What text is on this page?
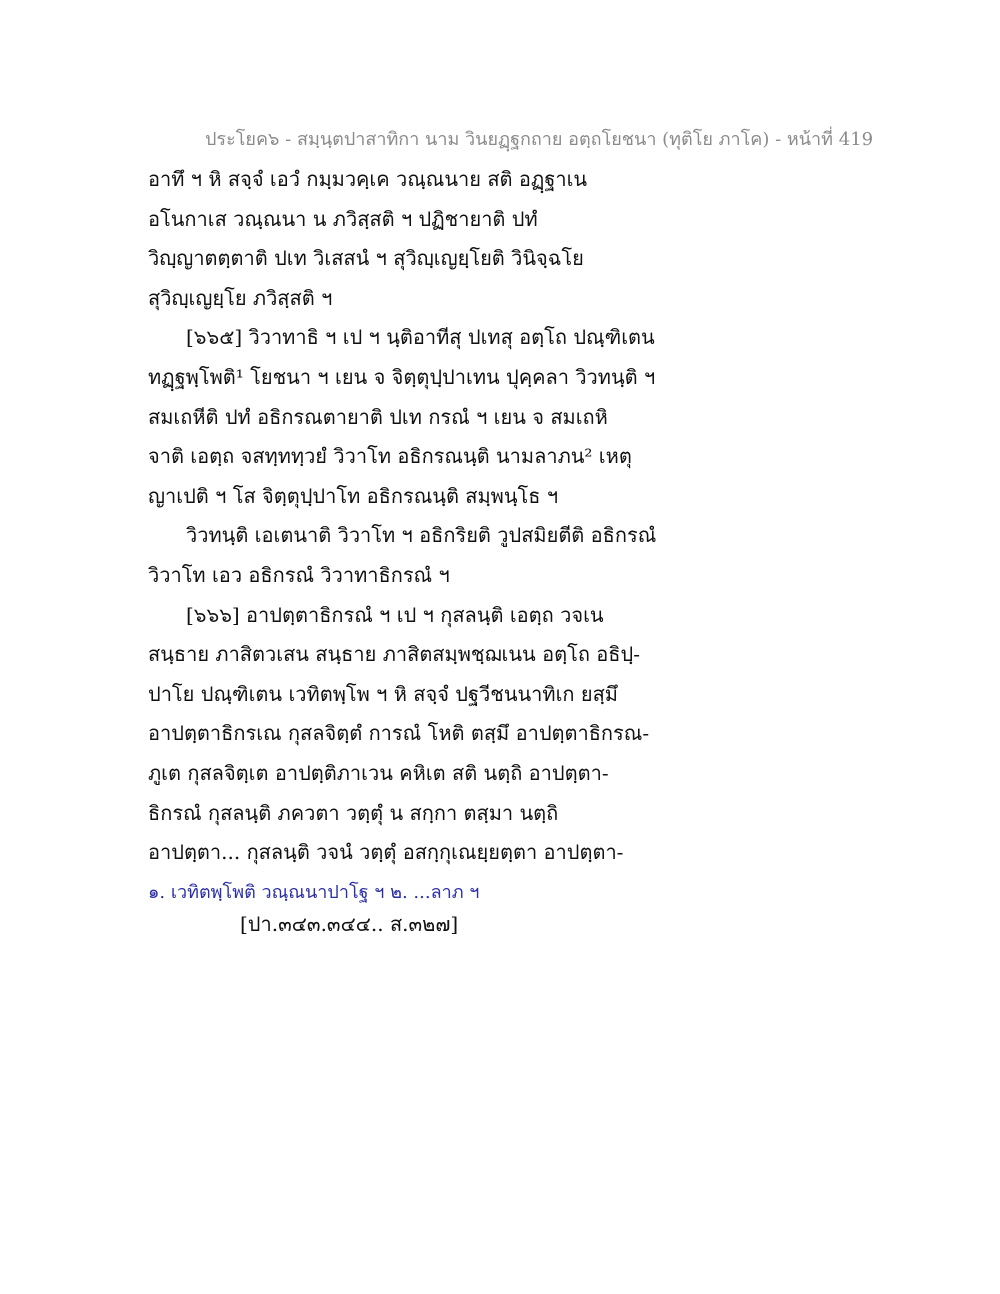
ประโยค๖ - สมฺนฺตปาสาทิกา นาม วินยฏฺฐกถาย อตฺถโยชนา (ทุติโย ภาโค) - หน้าที่ 419
อาทึ ฯ หิ สจฺจํ เอวํ กมฺมวคฺเค วณฺณนาย สติ อฏฺฐาเน
อโนกาเส วณฺณนา น ภวิสฺสติ ฯ ปฏิชายาติ ปทํ
วิญฺญาตตฺตาติ ปเท วิเสสนํ ฯ สุวิญฺเญยฺโยติ วินิจฺฉโย
สุวิญฺเญยฺโย ภวิสฺสติ ฯ
[๖๖๕] วิวาทาธิ ฯ เป ฯ นฺติอาทีสุ ปเทสุ อตฺโถ ปณฺฑิเตน
ทฏฺฐพฺโพติ¹ โยชนา ฯ เยน จ จิตฺตุปฺปาเทน ปุคฺคลา วิวทนฺติ ฯ
สมเถหีติ ปทํ อธิกรณตายาติ ปเท กรณํ ฯ เยน จ สมเถหิ
จาติ เอตฺถ จสทฺททฺวยํ วิวาโท อธิกรณนฺติ นามลาภน² เหตุ
ญาเปติ ฯ โส จิตฺตุปฺปาโท อธิกรณนฺติ สมฺพนฺโธ ฯ
วิวทนฺติ เอเตนาติ วิวาโท ฯ อธิกริยติ วูปสมิยตีติ อธิกรณํ
วิวาโท เอว อธิกรณํ วิวาทาธิกรณํ ฯ
[๖๖๖] อาปตฺตาธิกรณํ ฯ เป ฯ กุสลนฺติ เอตฺถ วจเน
สนฺธาย ภาสิตวเสน สนฺธาย ภาสิตสมฺพชฺฌเนน อตฺโถ อธิปฺ-
ปาโย ปณฺฑิเตน เวทิตพฺโพ ฯ หิ สจฺจํ ปฐวีชนนาทิเก ยสฺมึ
อาปตฺตาธิกรเณ กุสลจิตฺตํ การณํ โหติ ตสฺมึ อาปตฺตาธิกรณ-
ภูเต กุสลจิตฺเต อาปตฺติภาเวน คหิเต สติ นตฺถิ อาปตฺตา-
ธิกรณํ กุสลนฺติ ภควตา วตฺตุํ น สกฺกา ตสฺมา นตฺถิ
อาปตฺตา... กุสลนฺติ วจนํ วตฺตุํ อสกฺกุเณยฺยตฺตา อาปตฺตา-
๑. เวทิตพฺโพติ วณฺณนาปาโฐ ฯ ๒. ...ลาภ ฯ
[ปา.๓๔๓.๓๔๔.. ส.๓๒๗]
